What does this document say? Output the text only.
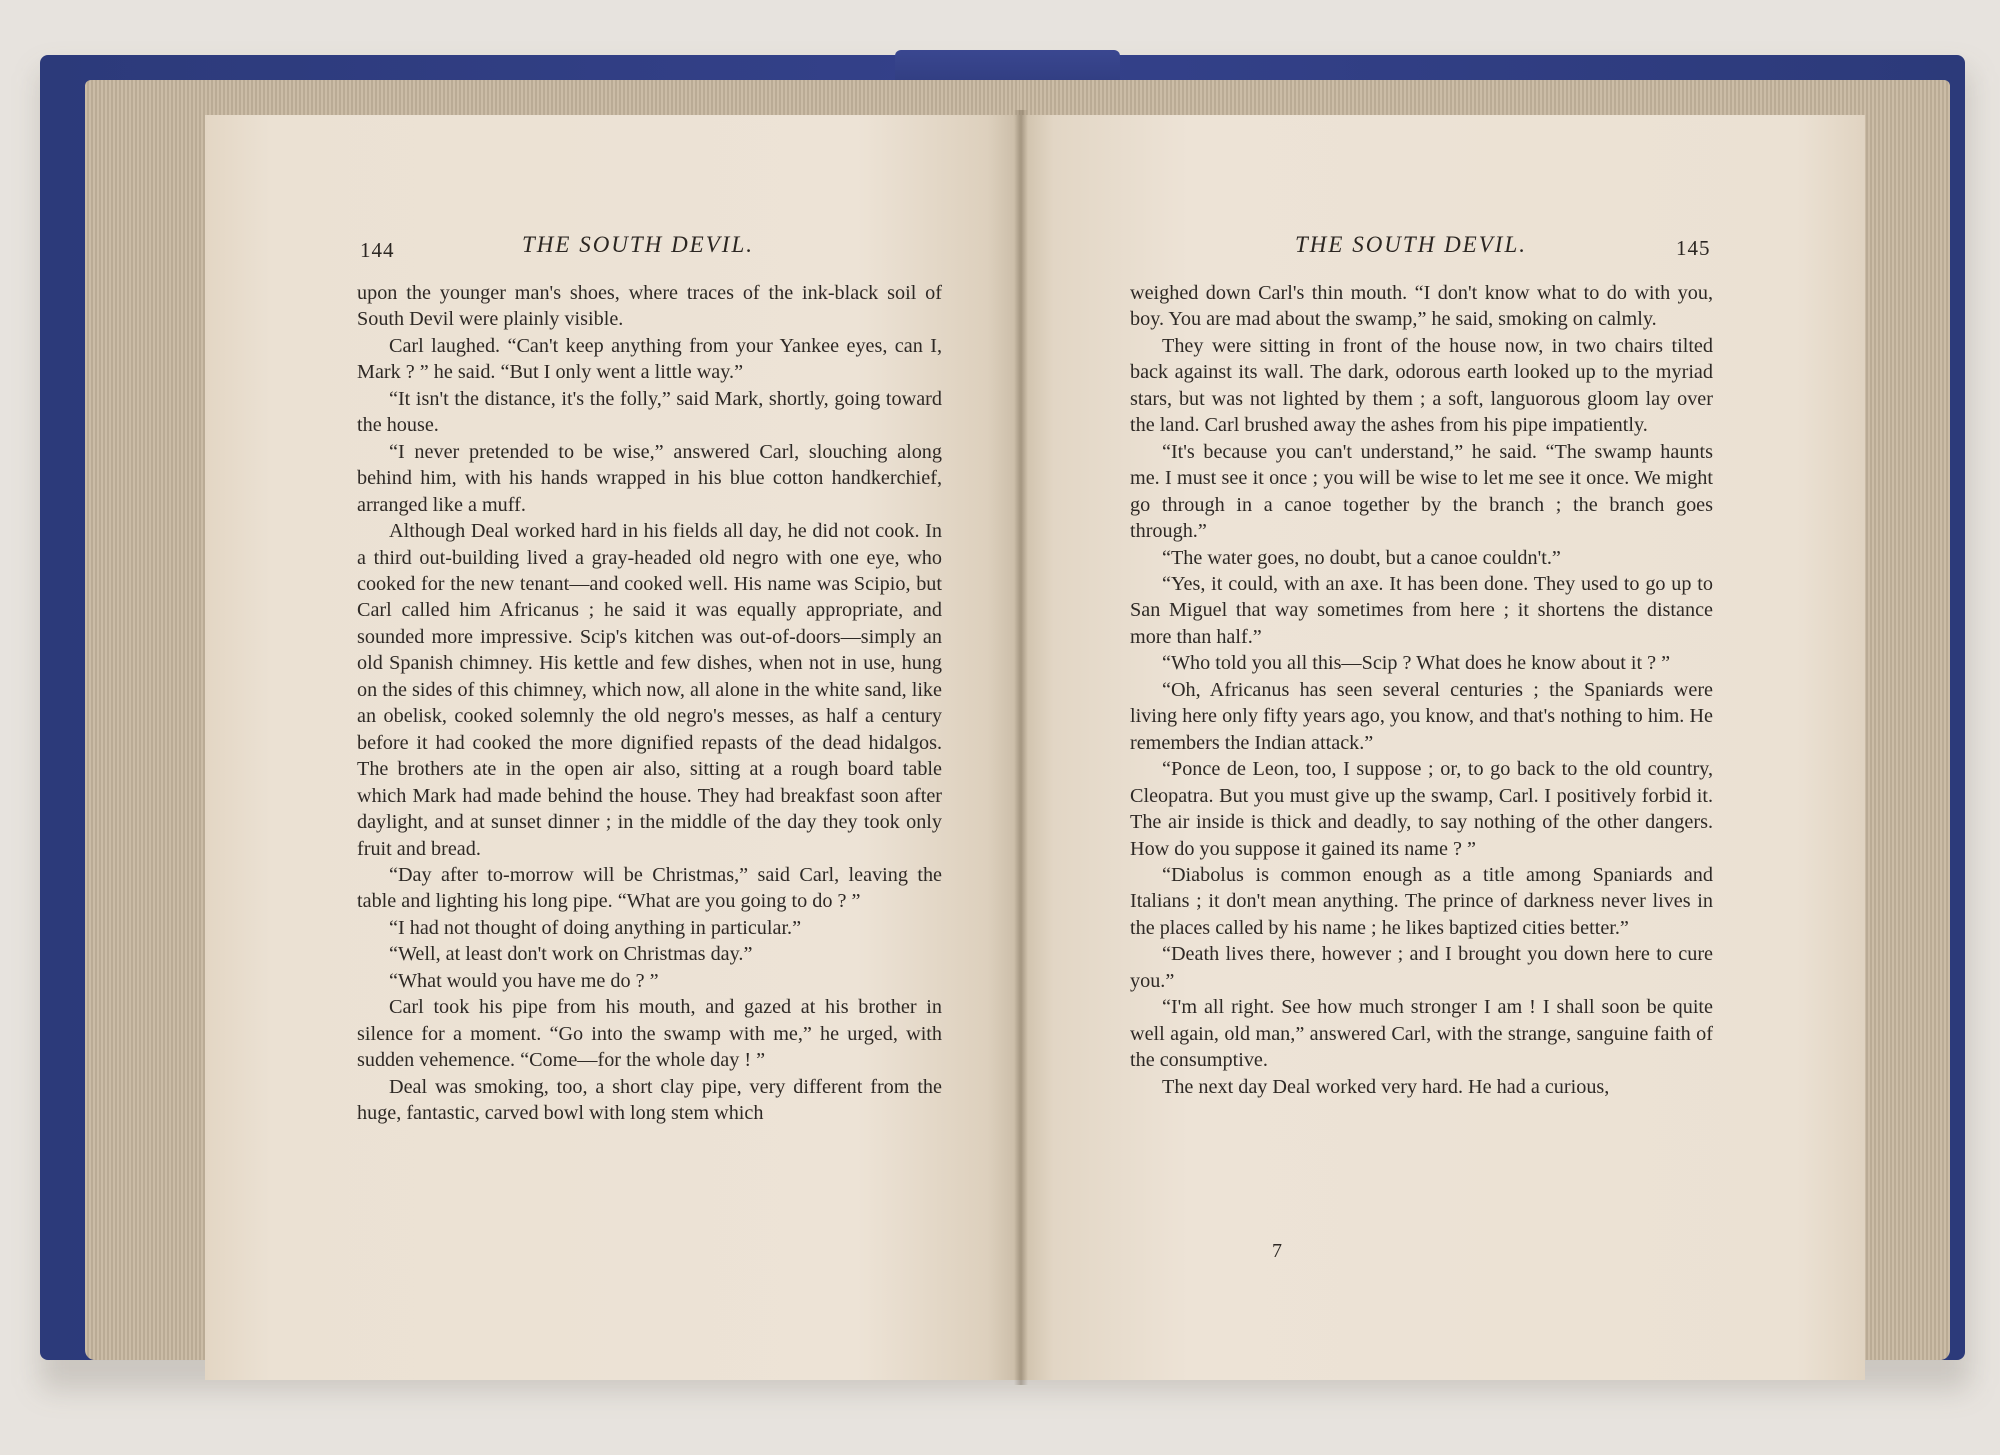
144	THE SOUTH DEVIL.	THE SOUTH DEVIL.	145

upon the younger man's shoes, where traces of the ink-black soil of South Devil were plainly visible.

Carl laughed. “Can't keep anything from your Yankee eyes, can I, Mark ? ” he said. “But I only went a little way.”

“It isn't the distance, it's the folly,” said Mark, shortly, going toward the house.

“I never pretended to be wise,” answered Carl, slouching along behind him, with his hands wrapped in his blue cotton handkerchief, arranged like a muff.

Although Deal worked hard in his fields all day, he did not cook. In a third out-building lived a gray-headed old negro with one eye, who cooked for the new tenant—and cooked well. His name was Scipio, but Carl called him Africanus ; he said it was equally appropriate, and sounded more impressive. Scip's kitchen was out-of-doors—simply an old Spanish chimney. His kettle and few dishes, when not in use, hung on the sides of this chimney, which now, all alone in the white sand, like an obelisk, cooked solemnly the old negro's messes, as half a century before it had cooked the more dignified repasts of the dead hidalgos. The brothers ate in the open air also, sitting at a rough board table which Mark had made behind the house. They had breakfast soon after daylight, and at sunset dinner ; in the middle of the day they took only fruit and bread.

“Day after to-morrow will be Christmas,” said Carl, leaving the table and lighting his long pipe. “What are you going to do ? ”

“I had not thought of doing anything in particular.”

“Well, at least don't work on Christmas day.”

“What would you have me do ? ”

Carl took his pipe from his mouth, and gazed at his brother in silence for a moment. “Go into the swamp with me,” he urged, with sudden vehemence. “Come—for the whole day ! ”

Deal was smoking, too, a short clay pipe, very different from the huge, fantastic, carved bowl with long stem which

weighed down Carl's thin mouth. “I don't know what to do with you, boy. You are mad about the swamp,” he said, smoking on calmly.

They were sitting in front of the house now, in two chairs tilted back against its wall. The dark, odorous earth looked up to the myriad stars, but was not lighted by them ; a soft, languorous gloom lay over the land. Carl brushed away the ashes from his pipe impatiently.

“It's because you can't understand,” he said. “The swamp haunts me. I must see it once ; you will be wise to let me see it once. We might go through in a canoe together by the branch ; the branch goes through.”

“The water goes, no doubt, but a canoe couldn't.”

“Yes, it could, with an axe. It has been done. They used to go up to San Miguel that way sometimes from here ; it shortens the distance more than half.”

“Who told you all this—Scip ? What does he know about it ? ”

“Oh, Africanus has seen several centuries ; the Spaniards were living here only fifty years ago, you know, and that's nothing to him. He remembers the Indian attack.”

“Ponce de Leon, too, I suppose ; or, to go back to the old country, Cleopatra. But you must give up the swamp, Carl. I positively forbid it. The air inside is thick and deadly, to say nothing of the other dangers. How do you suppose it gained its name ? ”

“Diabolus is common enough as a title among Spaniards and Italians ; it don't mean anything. The prince of darkness never lives in the places called by his name ; he likes baptized cities better.”

“Death lives there, however ; and I brought you down here to cure you.”

“I'm all right. See how much stronger I am ! I shall soon be quite well again, old man,” answered Carl, with the strange, sanguine faith of the consumptive.

The next day Deal worked very hard. He had a curious,

7
